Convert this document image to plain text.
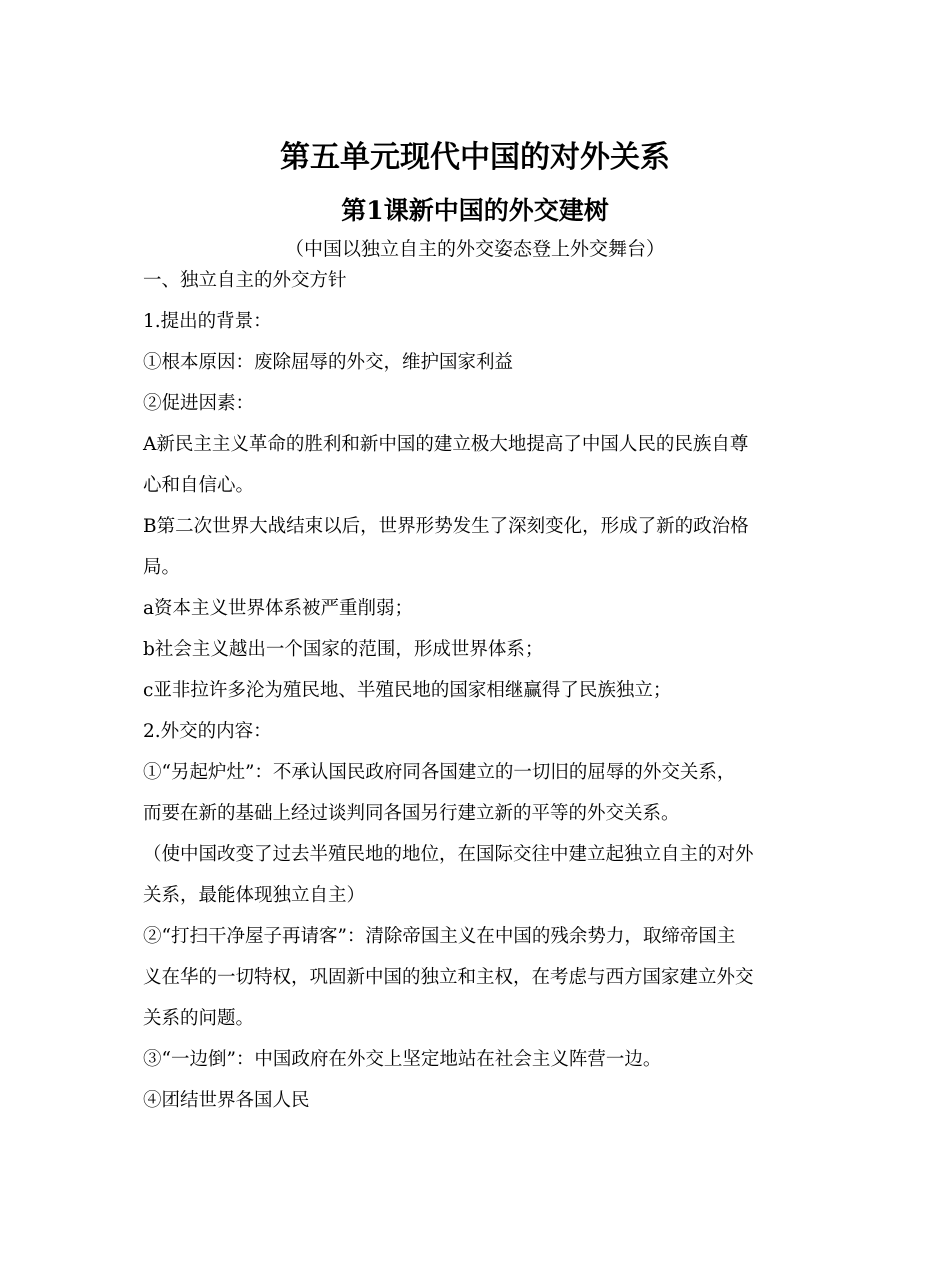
第五单元现代中国的对外关系
第1课新中国的外交建树
（中国以独立自主的外交姿态登上外交舞台）

一、独立自主的外交方针

1.提出的背景：

①根本原因：废除屈辱的外交，维护国家利益

②促进因素：

A新民主主义革命的胜利和新中国的建立极大地提高了中国人民的民族自尊

心和自信心。

B第二次世界大战结束以后，世界形势发生了深刻变化，形成了新的政治格

局。

a资本主义世界体系被严重削弱；

b社会主义越出一个国家的范围，形成世界体系；

c亚非拉许多沦为殖民地、半殖民地的国家相继赢得了民族独立；

2.外交的内容：

①“另起炉灶”：不承认国民政府同各国建立的一切旧的屈辱的外交关系，

而要在新的基础上经过谈判同各国另行建立新的平等的外交关系。

（使中国改变了过去半殖民地的地位，在国际交往中建立起独立自主的对外

关系，最能体现独立自主）

②“打扫干净屋子再请客”：清除帝国主义在中国的残余势力，取缔帝国主

义在华的一切特权，巩固新中国的独立和主权，在考虑与西方国家建立外交

关系的问题。

③“一边倒”：中国政府在外交上坚定地站在社会主义阵营一边。

④团结世界各国人民
